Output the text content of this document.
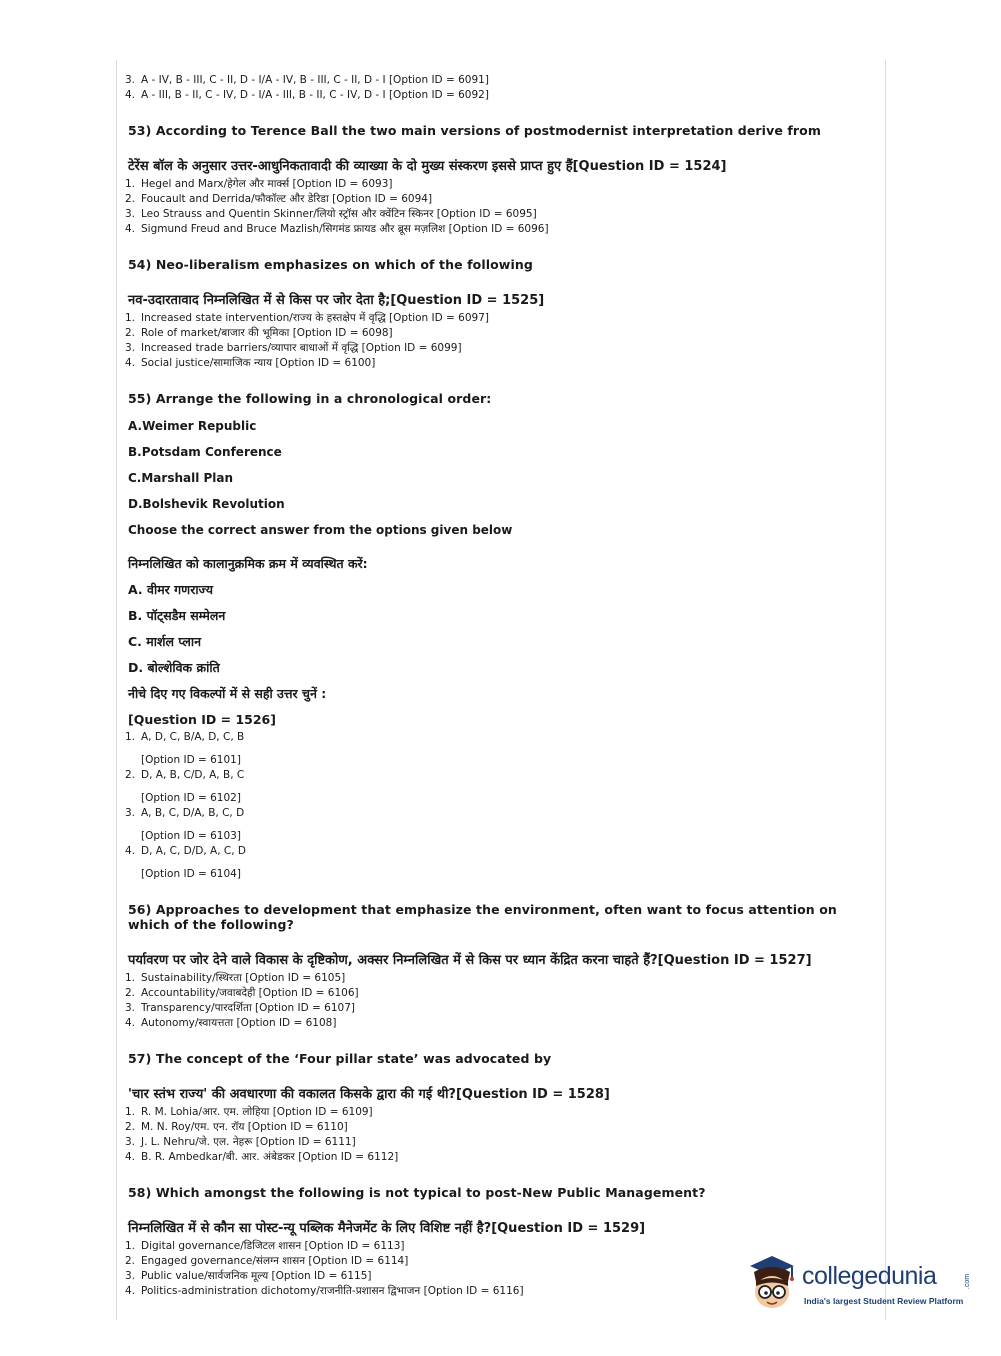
3. A - IV, B - III, C - II, D - I/A - IV, B - III, C - II, D - I [Option ID = 6091]
4. A - III, B - II, C - IV, D - I/A - III, B - II, C - IV, D - I [Option ID = 6092]
53) According to Terence Ball the two main versions of postmodernist interpretation derive from
टेरेंस बॉल के अनुसार उत्तर-आधुनिकतावादी की व्याख्या के दो मुख्य संस्करण इससे प्राप्त हुए हैं[Question ID = 1524]
1. Hegel and Marx/हेगेल और मार्क्स [Option ID = 6093]
2. Foucault and Derrida/फौकॉल्ट और डेरिडा [Option ID = 6094]
3. Leo Strauss and Quentin Skinner/लियो स्ट्रॉस और क्वेंटिन स्किनर [Option ID = 6095]
4. Sigmund Freud and Bruce Mazlish/सिगमंड फ्रायड और ब्रूस मज़लिश [Option ID = 6096]
54) Neo-liberalism emphasizes on which of the following
नव-उदारतावाद निम्नलिखित में से किस पर जोर देता है;[Question ID = 1525]
1. Increased state intervention/राज्य के हस्तक्षेप में वृद्धि [Option ID = 6097]
2. Role of market/बाजार की भूमिका [Option ID = 6098]
3. Increased trade barriers/व्यापार बाधाओं में वृद्धि [Option ID = 6099]
4. Social justice/सामाजिक न्याय [Option ID = 6100]
55) Arrange the following in a chronological order:
A.Weimer Republic
B.Potsdam Conference
C.Marshall Plan
D.Bolshevik Revolution
Choose the correct answer from the options given below
निम्नलिखित को कालानुक्रमिक क्रम में व्यवस्थित करें:
A. वीमर गणराज्य
B. पॉट्सडैम सम्मेलन
C. मार्शल प्लान
D. बोल्शेविक क्रांति
नीचे दिए गए विकल्पों में से सही उत्तर चुनें :
[Question ID = 1526]
1. A, D, C, B/A, D, C, B
[Option ID = 6101]
2. D, A, B, C/D, A, B, C
[Option ID = 6102]
3. A, B, C, D/A, B, C, D
[Option ID = 6103]
4. D, A, C, D/D, A, C, D
[Option ID = 6104]
56) Approaches to development that emphasize the environment, often want to focus attention on which of the following?
पर्यावरण पर जोर देने वाले विकास के दृष्टिकोण, अक्सर निम्नलिखित में से किस पर ध्यान केंद्रित करना चाहते हैं?[Question ID = 1527]
1. Sustainability/स्थिरता [Option ID = 6105]
2. Accountability/जवाबदेही [Option ID = 6106]
3. Transparency/पारदर्शिता [Option ID = 6107]
4. Autonomy/स्वायत्तता [Option ID = 6108]
57) The concept of the ‘Four pillar state’ was advocated by
'चार स्तंभ राज्य' की अवधारणा की वकालत किसके द्वारा की गई थी?[Question ID = 1528]
1. R. M. Lohia/आर. एम. लोहिया [Option ID = 6109]
2. M. N. Roy/एम. एन. रॉय [Option ID = 6110]
3. J. L. Nehru/जे. एल. नेहरू [Option ID = 6111]
4. B. R. Ambedkar/बी. आर. अंबेडकर [Option ID = 6112]
58) Which amongst the following is not typical to post-New Public Management?
निम्नलिखित में से कौन सा पोस्ट-न्यू पब्लिक मैनेजमेंट के लिए विशिष्ट नहीं है?[Question ID = 1529]
1. Digital governance/डिजिटल शासन [Option ID = 6113]
2. Engaged governance/संलग्न शासन [Option ID = 6114]
3. Public value/सार्वजनिक मूल्य [Option ID = 6115]
4. Politics-administration dichotomy/राजनीति-प्रशासन द्विभाजन [Option ID = 6116]
collegedunia	.com
India's largest Student Review Platform
